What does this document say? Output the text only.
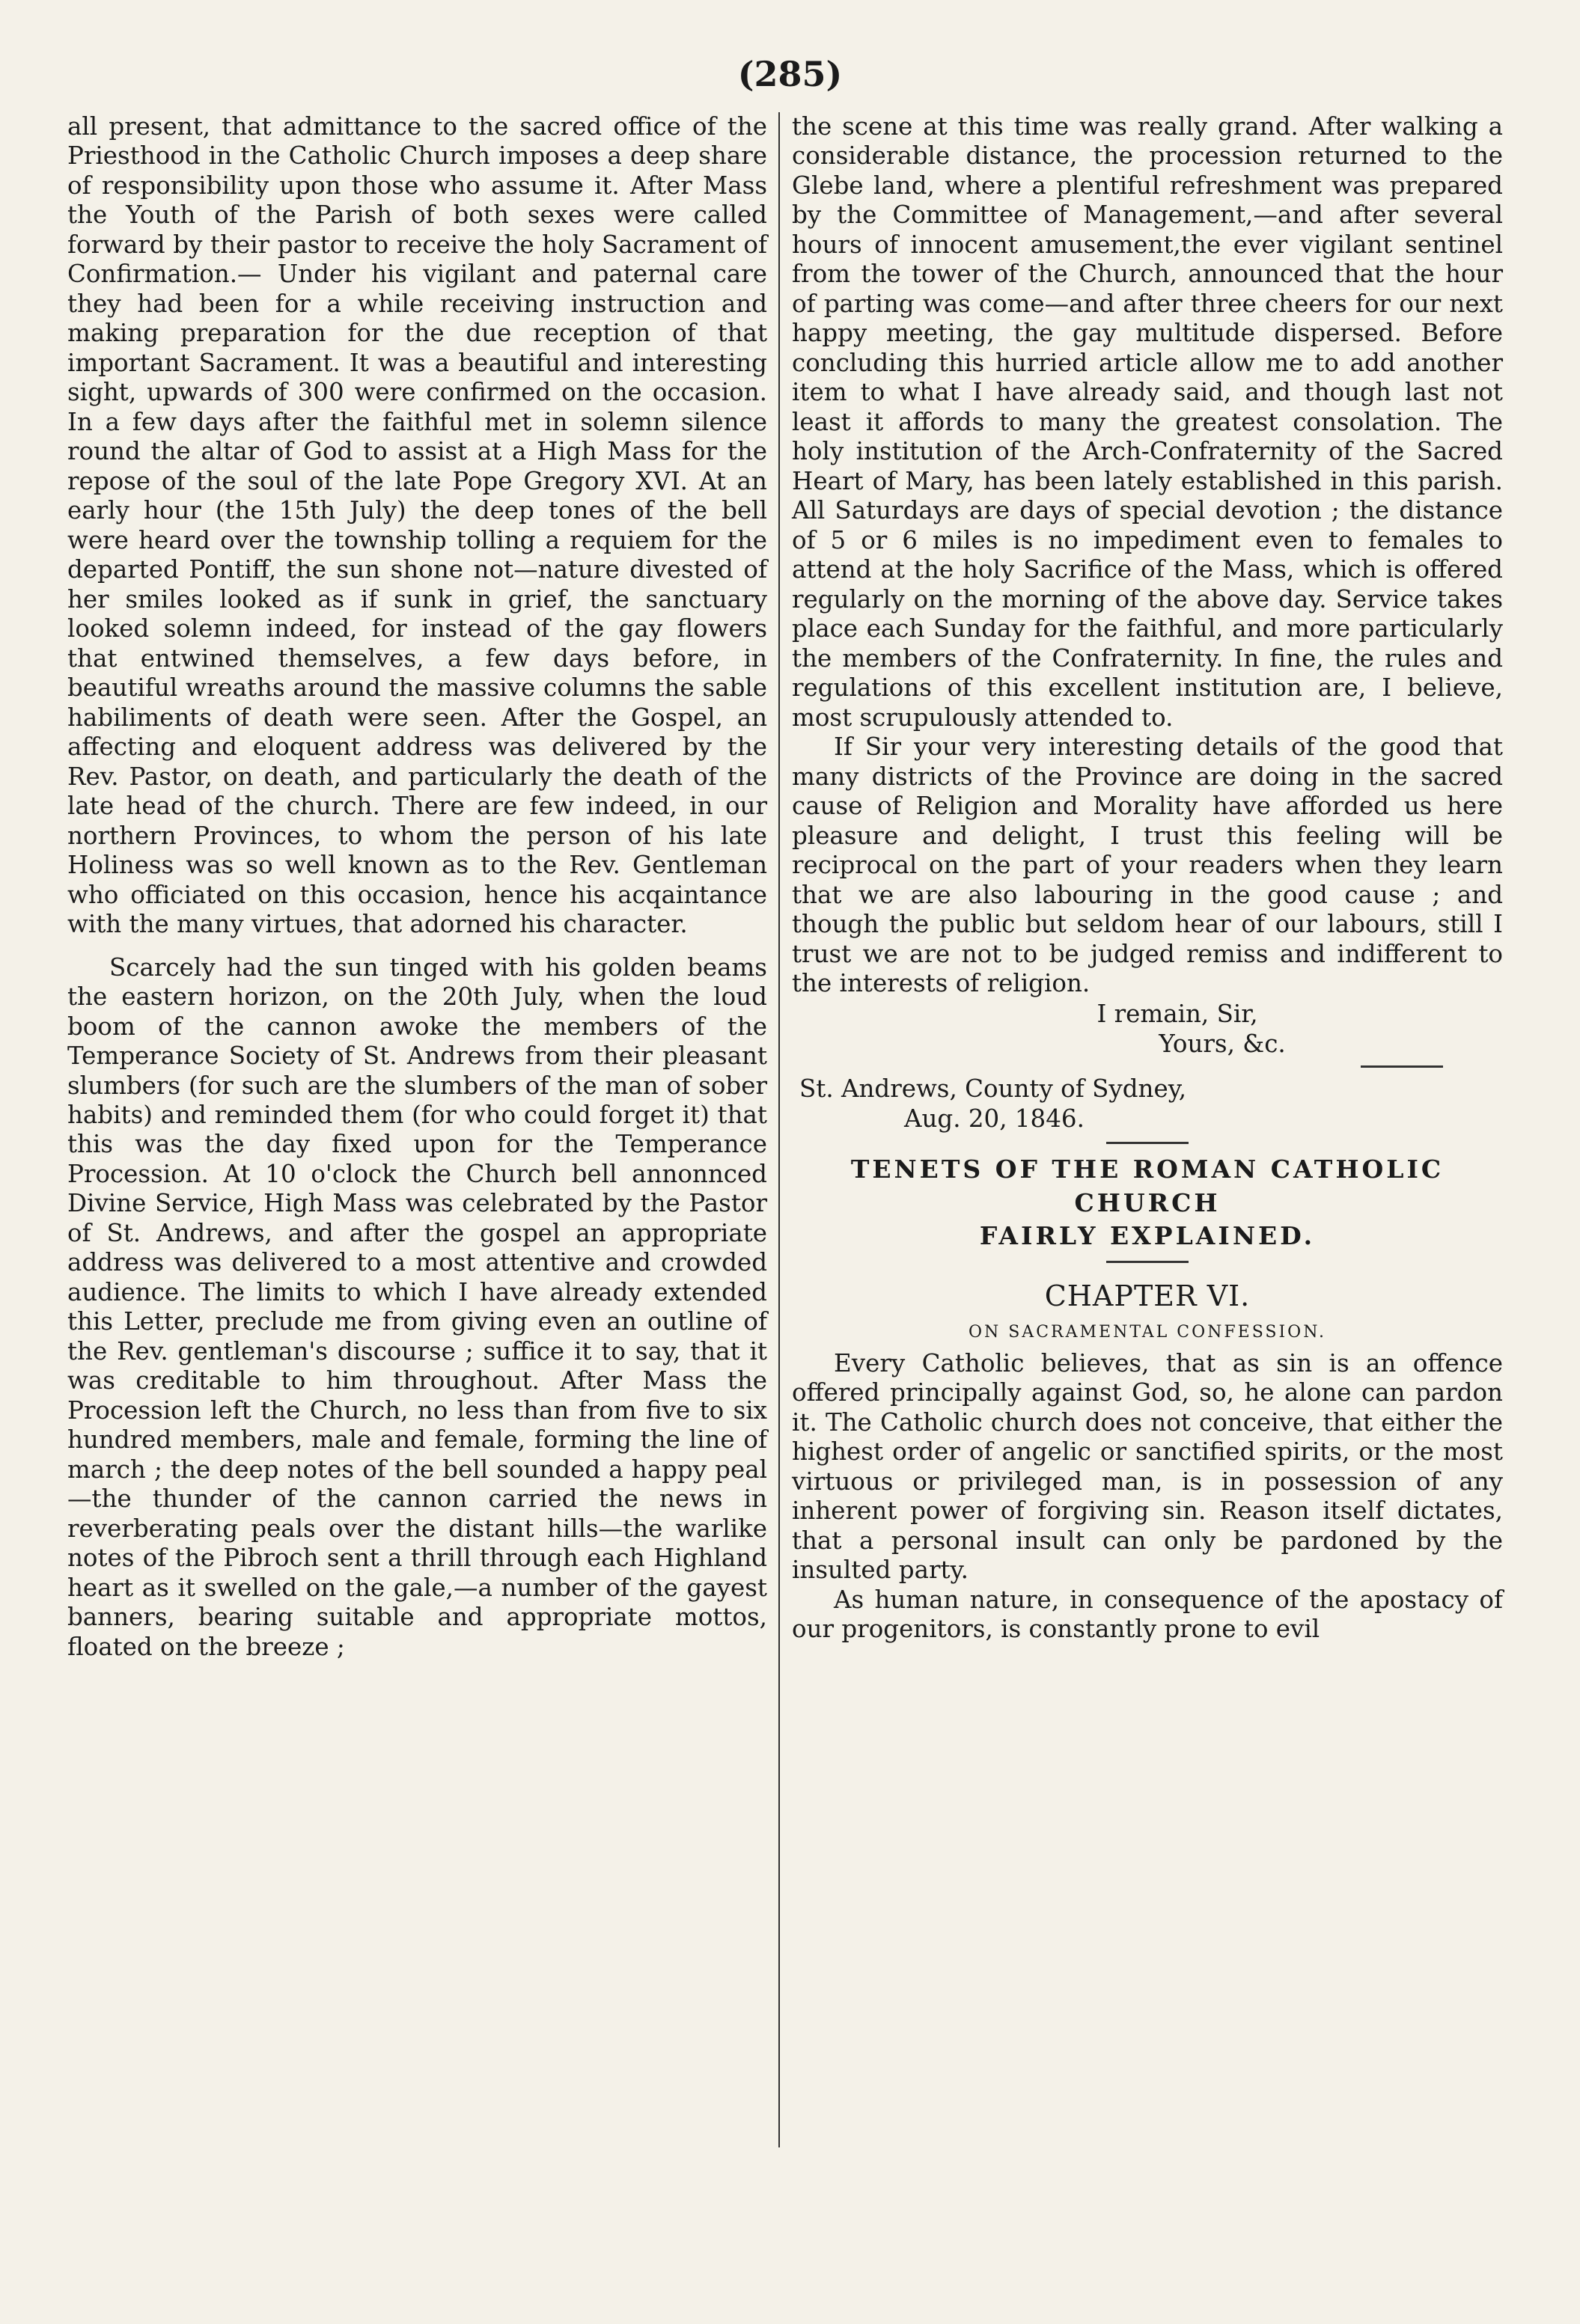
(285)

all present, that admittance to the sacred office of the Priesthood in the Catholic Church imposes a deep share of responsibility upon those who assume it. After Mass the Youth of the Parish of both sexes were called forward by their pastor to receive the holy Sacrament of Confirmation.— Under his vigilant and paternal care they had been for a while receiving instruction and making preparation for the due reception of that important Sacrament. It was a beautiful and interesting sight, upwards of 300 were confirmed on the occasion. In a few days after the faithful met in solemn silence round the altar of God to assist at a High Mass for the repose of the soul of the late Pope Gregory XVI. At an early hour (the 15th July) the deep tones of the bell were heard over the township tolling a requiem for the departed Pontiff, the sun shone not—nature divested of her smiles looked as if sunk in grief, the sanctuary looked solemn indeed, for instead of the gay flowers that entwined themselves, a few days before, in beautiful wreaths around the massive columns the sable habiliments of death were seen. After the Gospel, an affecting and eloquent address was delivered by the Rev. Pastor, on death, and particularly the death of the late head of the church. There are few indeed, in our northern Provinces, to whom the person of his late Holiness was so well known as to the Rev. Gentleman who officiated on this occasion, hence his acqaintance with the many virtues, that adorned his character.

Scarcely had the sun tinged with his golden beams the eastern horizon, on the 20th July, when the loud boom of the cannon awoke the members of the Temperance Society of St. Andrews from their pleasant slumbers (for such are the slumbers of the man of sober habits) and reminded them (for who could forget it) that this was the day fixed upon for the Temperance Procession. At 10 o'clock the Church bell annonnced Divine Service, High Mass was celebrated by the Pastor of St. Andrews, and after the gospel an appropriate address was delivered to a most attentive and crowded audience. The limits to which I have already extended this Letter, preclude me from giving even an outline of the Rev. gentleman's discourse ; suffice it to say, that it was creditable to him throughout. After Mass the Procession left the Church, no less than from five to six hundred members, male and female, forming the line of march ; the deep notes of the bell sounded a happy peal—the thunder of the cannon carried the news in reverberating peals over the distant hills—the warlike notes of the Pibroch sent a thrill through each Highland heart as it swelled on the gale,—a number of the gayest banners, bearing suitable and appropriate mottos, floated on the breeze ;

the scene at this time was really grand. After walking a considerable distance, the procession returned to the Glebe land, where a plentiful refreshment was prepared by the Committee of Management,—and after several hours of innocent amusement,the ever vigilant sentinel from the tower of the Church, announced that the hour of parting was come—and after three cheers for our next happy meeting, the gay multitude dispersed. Before concluding this hurried article allow me to add another item to what I have already said, and though last not least it affords to many the greatest consolation. The holy institution of the Arch-Confraternity of the Sacred Heart of Mary, has been lately established in this parish. All Saturdays are days of special devotion ; the distance of 5 or 6 miles is no impediment even to females to attend at the holy Sacrifice of the Mass, which is offered regularly on the morning of the above day. Service takes place each Sunday for the faithful, and more particularly the members of the Confraternity. In fine, the rules and regulations of this excellent institution are, I believe, most scrupulously attended to.

If Sir your very interesting details of the good that many districts of the Province are doing in the sacred cause of Religion and Morality have afforded us here pleasure and delight, I trust this feeling will be reciprocal on the part of your readers when they learn that we are also labouring in the good cause ; and though the public but seldom hear of our labours, still I trust we are not to be judged remiss and indifferent to the interests of religion.

I remain, Sir,
Yours, &c.
St. Andrews, County of Sydney,
Aug. 20, 1846.
TENETS OF THE ROMAN CATHOLIC CHURCH
FAIRLY EXPLAINED.
CHAPTER VI.
ON SACRAMENTAL CONFESSION.

Every Catholic believes, that as sin is an offence offered principally against God, so, he alone can pardon it. The Catholic church does not conceive, that either the highest order of angelic or sanctified spirits, or the most virtuous or privileged man, is in possession of any inherent power of forgiving sin. Reason itself dictates, that a personal insult can only be pardoned by the insulted party.

As human nature, in consequence of the apostacy of our progenitors, is constantly prone to evil
